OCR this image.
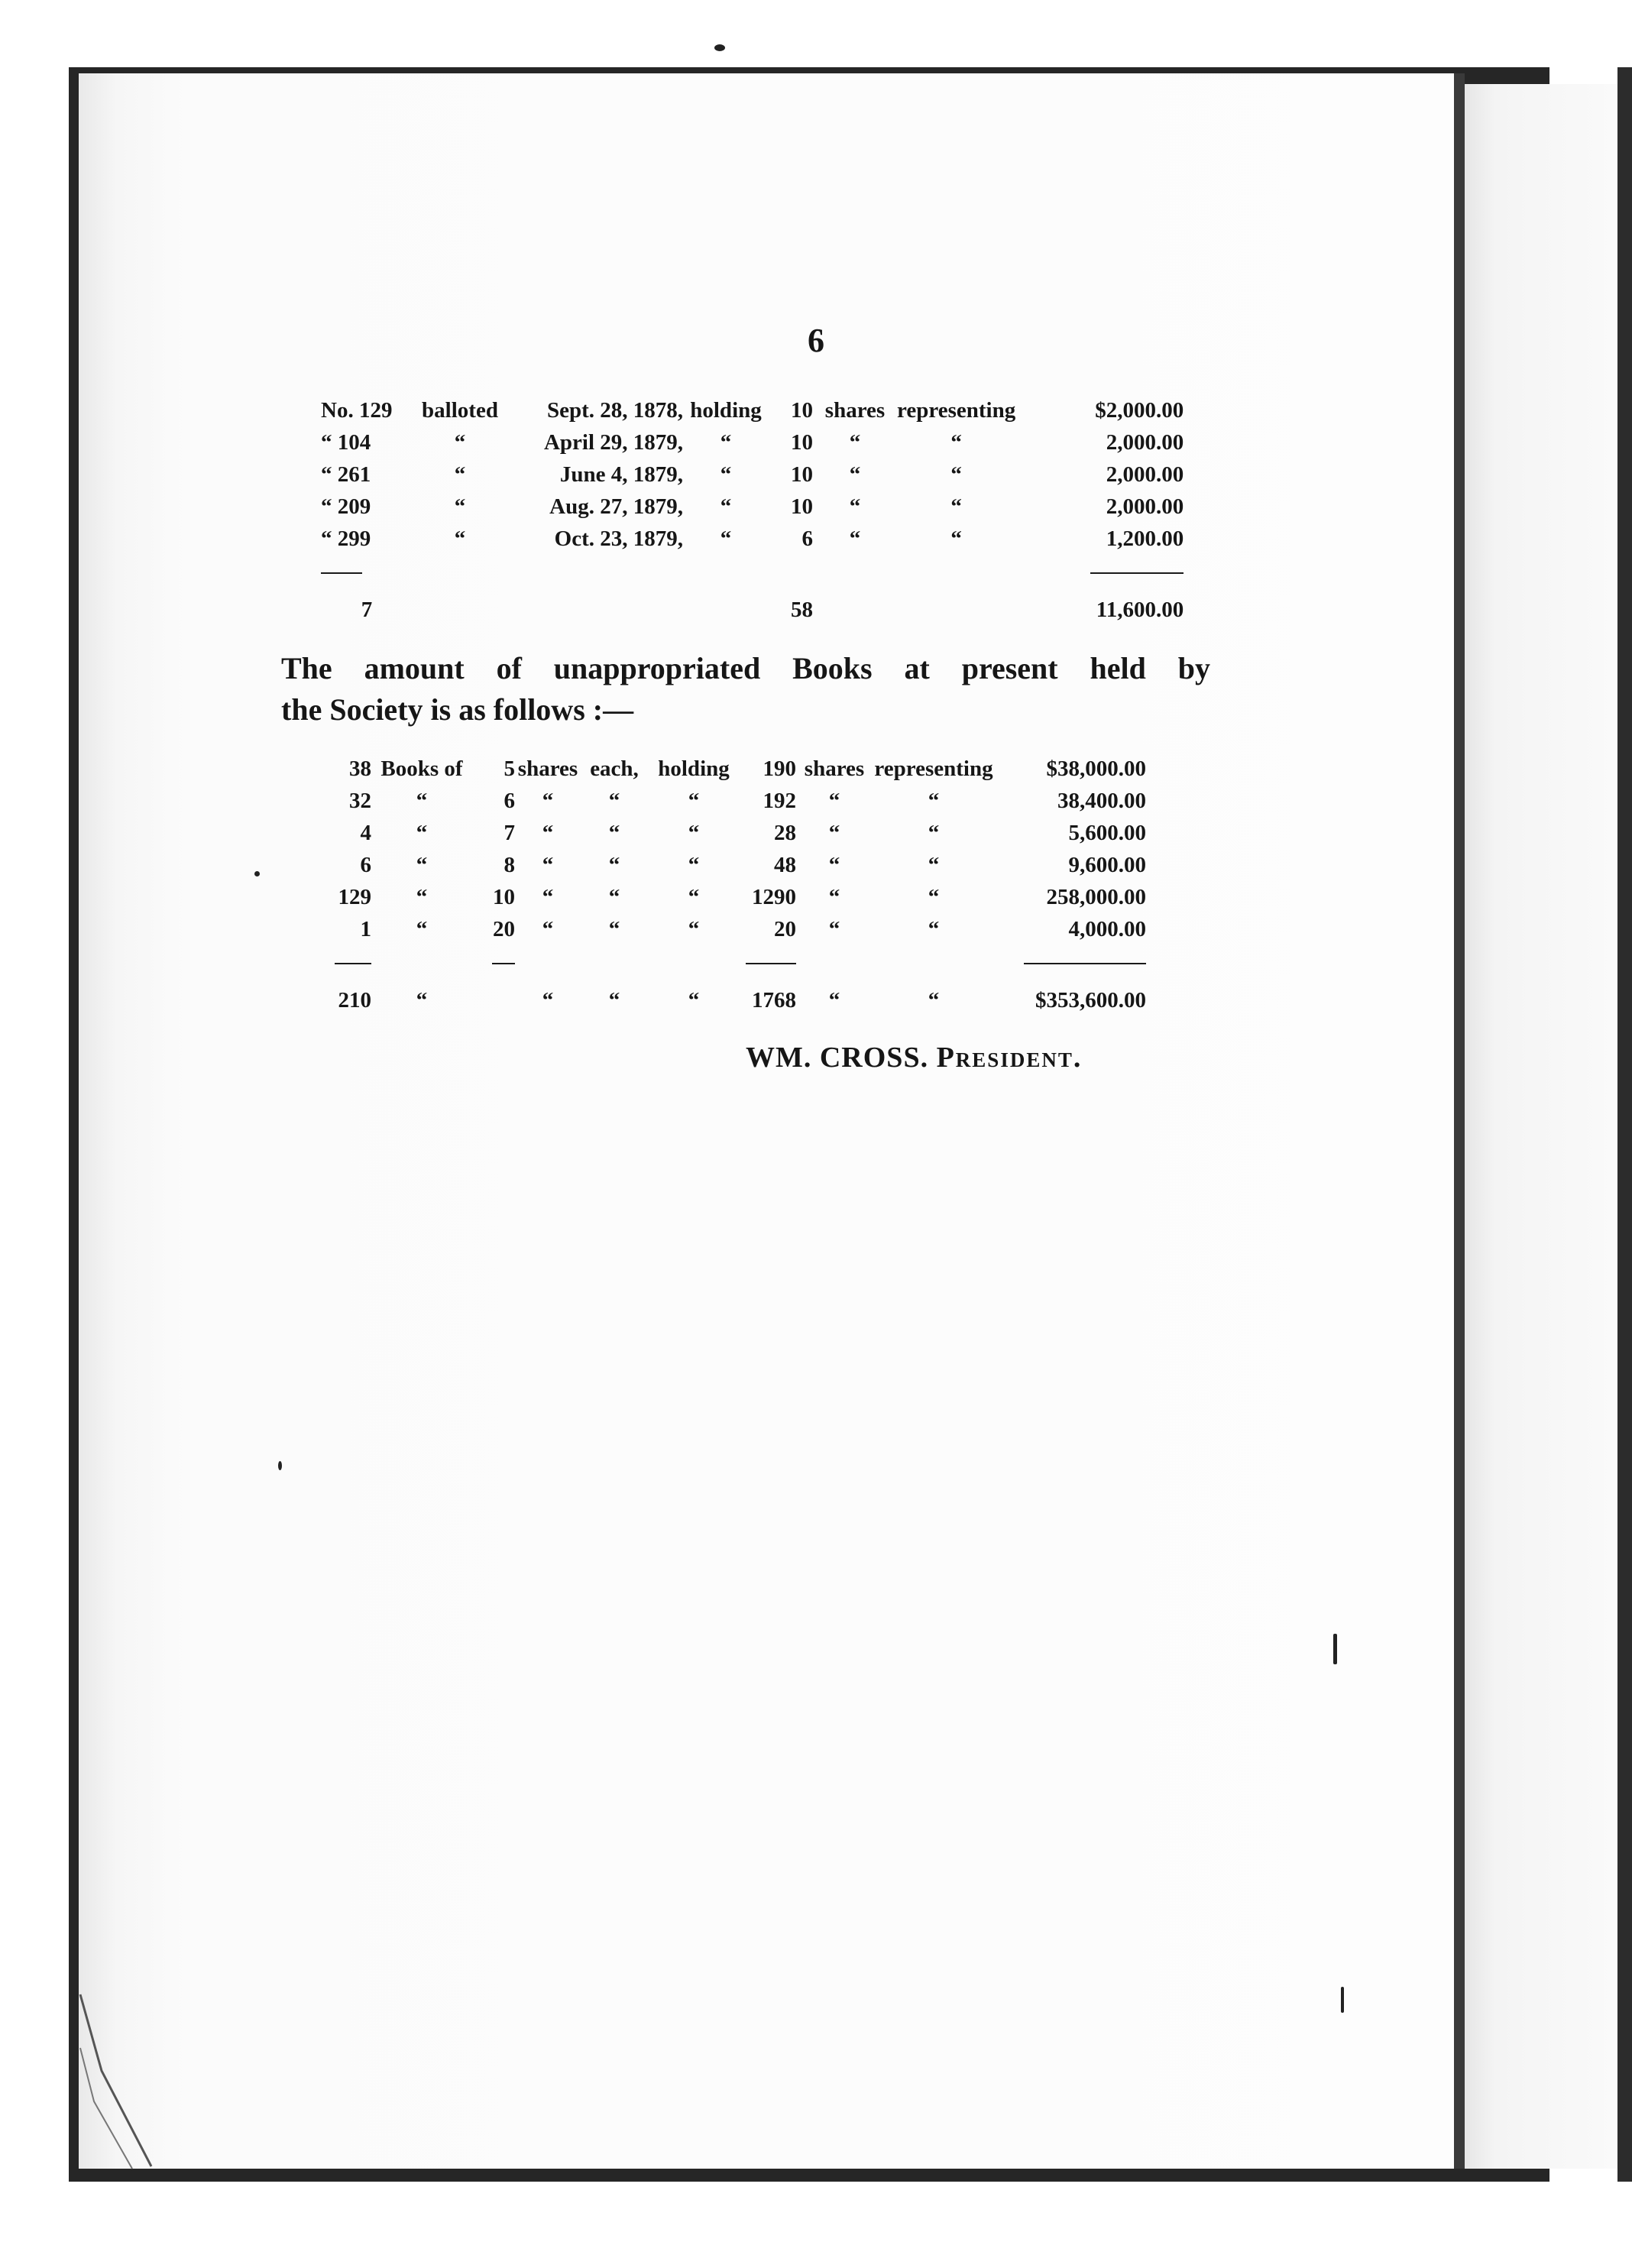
6
No. 129	balloted	Sept. 28, 1878,	holding	10	shares	representing	$2,000.00
“ 104	“	April 29, 1879,	“	10	“	“	2,000.00
“ 261	“	June 4, 1879,	“	10	“	“	2,000.00
“ 209	“	Aug. 27, 1879,	“	10	“	“	2,000.00
“ 299	“	Oct. 23, 1879,	“	6	“	“	1,200.00

7				58			11,600.00
The amount of unappropriated Books at present held by
the Society is as follows :—
38	Books of	5	shares	each,	holding	190	shares	representing	$38,000.00
32	“	6	“	“	“	192	“	“	38,400.00
4	“	7	“	“	“	28	“	“	5,600.00
6	“	8	“	“	“	48	“	“	9,600.00
129	“	10	“	“	“	1290	“	“	258,000.00
1	“	20	“	“	“	20	“	“	4,000.00

210	“		“	“	“	1768	“	“	$353,600.00
WM. CROSS. President.
